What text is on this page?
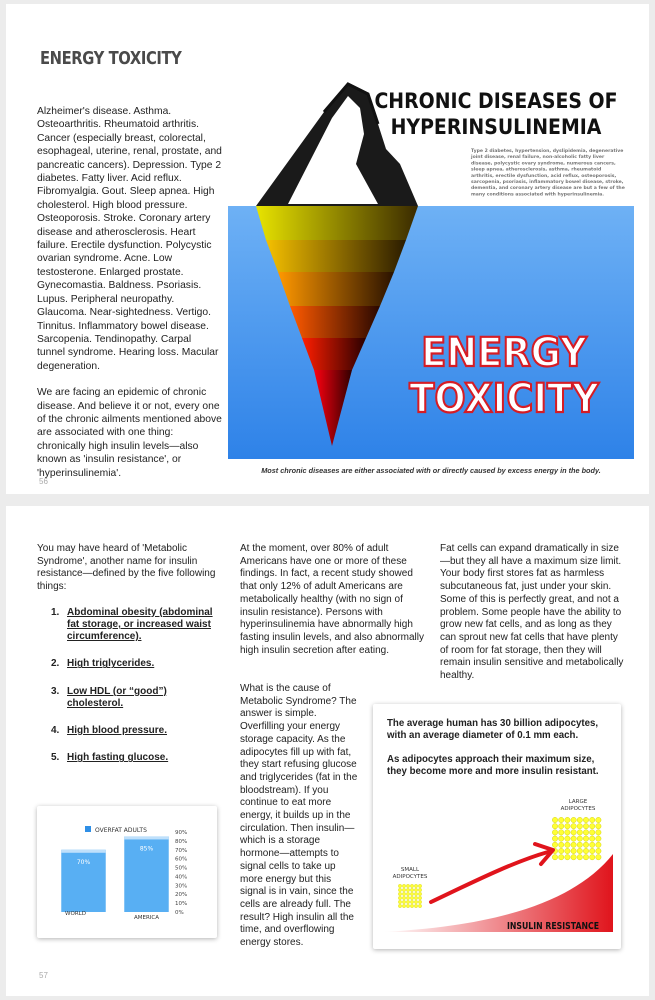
ENERGY TOXICITY

Alzheimer's disease. Asthma. Osteoarthritis. Rheumatoid arthritis. Cancer (especially breast, colorectal, esophageal, uterine, renal, prostate, and pancreatic cancers). Depression. Type 2 diabetes. Fatty liver. Acid reflux. Fibromyalgia. Gout. Sleep apnea. High cholesterol. High blood pressure. Osteoporosis. Stroke. Coronary artery disease and atherosclerosis. Heart failure. Erectile dysfunction. Polycystic ovarian syndrome. Acne. Low testosterone. Enlarged prostate. Gynecomastia. Baldness. Psoriasis. Lupus. Peripheral neuropathy. Glaucoma. Near-sightedness. Vertigo. Tinnitus. Inflammatory bowel disease. Sarcopenia. Tendinopathy. Carpal tunnel syndrome. Hearing loss. Macular degeneration.

We are facing an epidemic of chronic disease. And believe it or not, every one of the chronic ailments mentioned above are associated with one thing: chronically high insulin levels—also known as 'insulin resistance', or 'hyperinsulinemia'.

56
CHRONIC DISEASES OF
HYPERINSULINEMIA
Type 2 diabetes, hypertension, dyslipidemia, degenerative
joint disease, renal failure, non-alcoholic fatty liver
disease, polycystic ovary syndrome, numerous cancers,
sleep apnea, atherosclerosis, asthma, rheumatoid
arthritis, erectile dysfunction, acid reflux, osteoporosis,
sarcopenia, psoriasis, inflammatory bowel disease, stroke,
dementia, and coronary artery disease are but a few of the
many conditions associated with hyperinsulinemia.
ENERGY
TOXICITY
Most chronic diseases are either associated with or directly caused by excess energy in the body.

You may have heard of 'Metabolic Syndrome', another name for insulin resistance—defined by the five following things:

1. Abdominal obesity (abdominal fat storage, or increased waist circumference).
2. High triglycerides.
3. Low HDL (or “good”) cholesterol.
4. High blood pressure.
5. High fasting glucose.
OVERFAT ADULTS
0%
10%
20%
30%
40%
50%
60%
70%
80%
90%
70%
WORLD
85%
AMERICA

At the moment, over 80% of adult Americans have one or more of these findings. In fact, a recent study showed that only 12% of adult Americans are metabolically healthy (with no sign of insulin resistance). Persons with hyperinsulinemia have abnormally high fasting insulin levels, and also abnormally high insulin secretion after eating.

What is the cause of Metabolic Syndrome? The answer is simple. Overfilling your energy storage capacity. As the adipocytes fill up with fat, they start refusing glucose and triglycerides (fat in the bloodstream). If you continue to eat more energy, it builds up in the circulation. Then insulin—which is a storage hormone—attempts to signal cells to take up more energy but this signal is in vain, since the cells are already full. The result? High insulin all the time, and overflowing energy stores.

Fat cells can expand dramatically in size—but they all have a maximum size limit. Your body first stores fat as harmless subcutaneous fat, just under your skin. Some of this is perfectly great, and not a problem. Some people have the ability to grow new fat cells, and as long as they can sprout new fat cells that have plenty of room for fat storage, then they will remain insulin sensitive and metabolically healthy.

The average human has 30 billion adipocytes, with an average diameter of 0.1 mm each.
As adipocytes approach their maximum size, they become more and more insulin resistant.
LARGE
ADIPOCYTES
SMALL
ADIPOCYTES
INSULIN RESISTANCE
57
